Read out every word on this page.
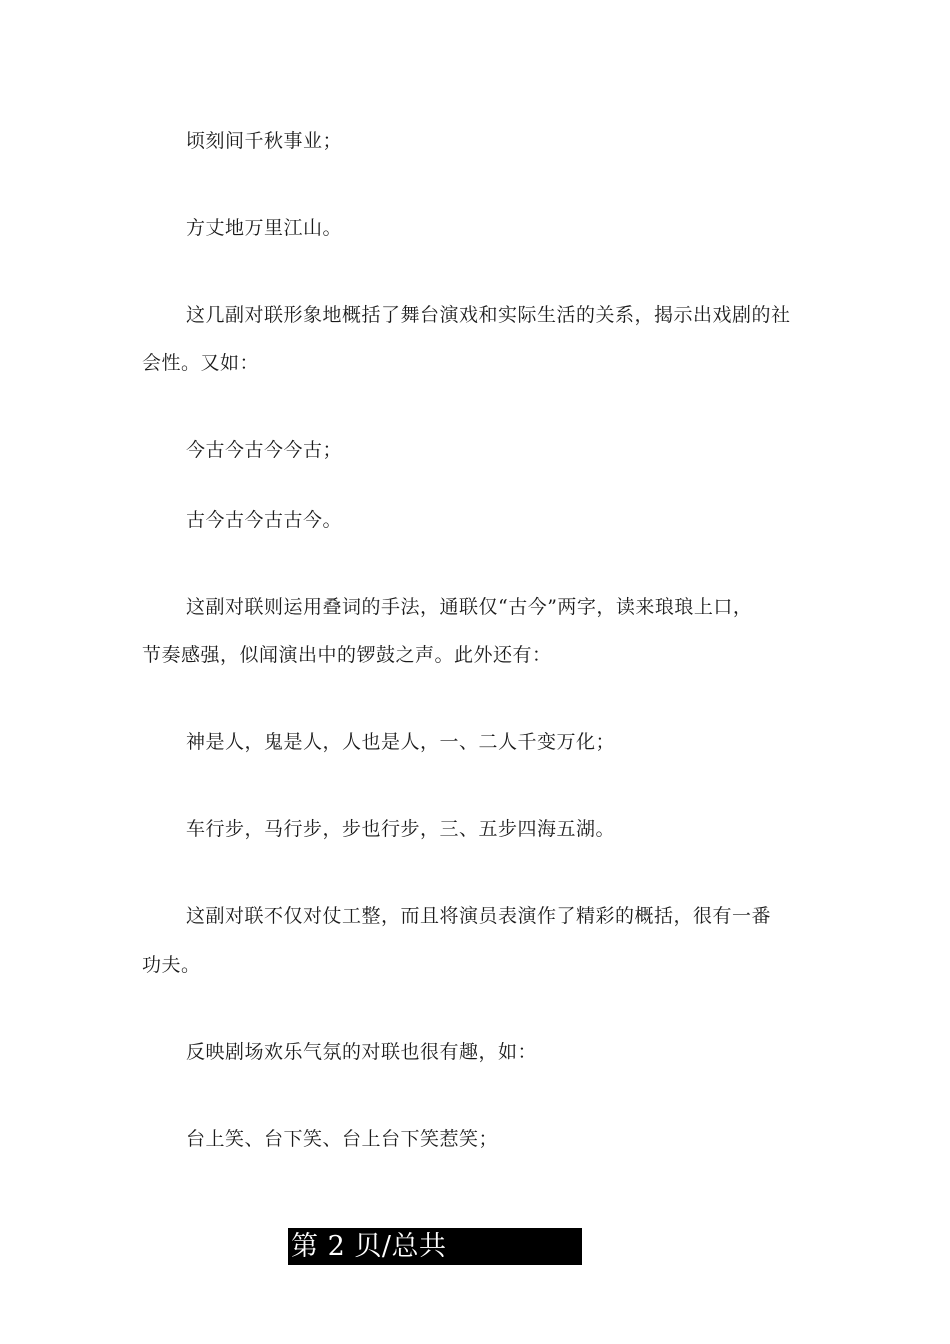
顷刻间千秋事业；
方丈地万里江山。
这几副对联形象地概括了舞台演戏和实际生活的关系，揭示出戏剧的社
会性。又如：
今古今古今今古；
古今古今古古今。
这副对联则运用叠词的手法，通联仅“古今”两字，读来琅琅上口，
节奏感强，似闻演出中的锣鼓之声。此外还有：
神是人，鬼是人，人也是人，一、二人千变万化；
车行步，马行步，步也行步，三、五步四海五湖。
这副对联不仅对仗工整，而且将演员表演作了精彩的概括，很有一番
功夫。
反映剧场欢乐气氛的对联也很有趣，如：
台上笑、台下笑、台上台下笑惹笑；
第 2 贝/总共
